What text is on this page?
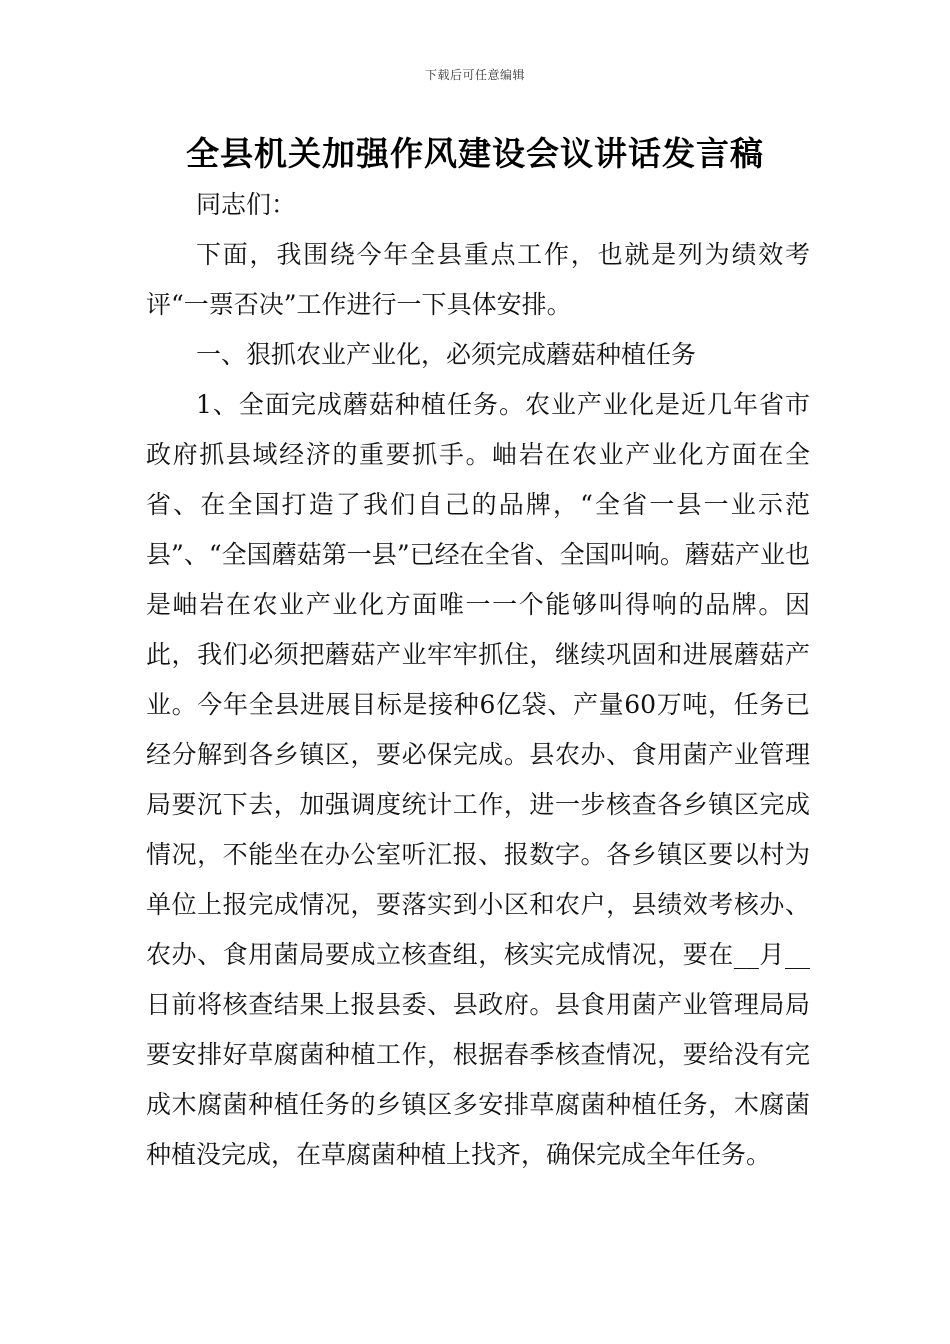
下载后可任意编辑
全县机关加强作风建设会议讲话发言稿

同志们：

下面，我围绕今年全县重点工作，也就是列为绩效考评“一票否决”工作进行一下具体安排。

一、狠抓农业产业化，必须完成蘑菇种植任务

1、全面完成蘑菇种植任务。农业产业化是近几年省市政府抓县域经济的重要抓手。岫岩在农业产业化方面在全省、在全国打造了我们自己的品牌，“全省一县一业示范县”、“全国蘑菇第一县”已经在全省、全国叫响。蘑菇产业也是岫岩在农业产业化方面唯一一个能够叫得响的品牌。因此，我们必须把蘑菇产业牢牢抓住，继续巩固和进展蘑菇产业。今年全县进展目标是接种6亿袋、产量60万吨，任务已经分解到各乡镇区，要必保完成。县农办、食用菌产业管理局要沉下去，加强调度统计工作，进一步核查各乡镇区完成情况，不能坐在办公室听汇报、报数字。各乡镇区要以村为单位上报完成情况，要落实到小区和农户，县绩效考核办、农办、食用菌局要成立核查组，核实完成情况，要在__月__日前将核查结果上报县委、县政府。县食用菌产业管理局局要安排好草腐菌种植工作，根据春季核查情况，要给没有完成木腐菌种植任务的乡镇区多安排草腐菌种植任务，木腐菌种植没完成，在草腐菌种植上找齐，确保完成全年任务。
